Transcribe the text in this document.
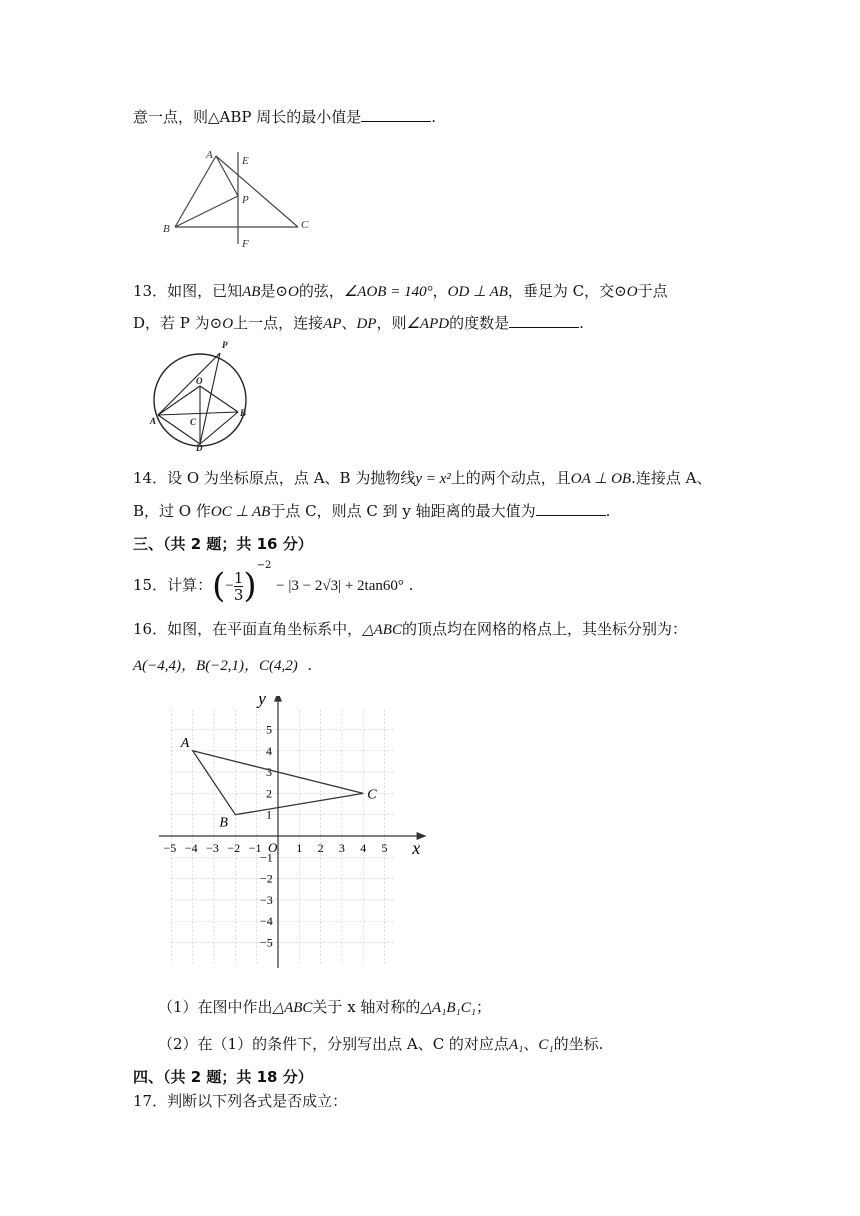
意一点，则△ABP 周长的最小值是	.
A	E
P
B	C
F
13．如图，已知AB是⊙O的弦，∠AOB = 140°，OD ⊥ AB，垂足为 C，交⊙O于点
D，若 P 为⊙O上一点，连接AP、DP，则∠APD的度数是	.
P
O
A	C
B
D
14．设 O 为坐标原点，点 A、B 为抛物线y = x²上的两个动点，且OA ⊥ OB.连接点 A、
B，过 O 作OC ⊥ AB于点 C，则点 C 到 y 轴距离的最大值为	.
三、（共 2 题；共 16 分）
15．计算：(− $\frac{1}{3} )^{-2} - |3 - 2√3| + 2\tan 60^\circ$ .
16．如图，在平面直角坐标系中，△ABC的顶点均在网格的格点上，其坐标分别为：
A(−4,4)，B(−2,1)，C(4,2) .
x
y
O
−5 −4 −3 −2 −1	1 2 3 4 5
5
4
3
2
1
−1
−2
−3
−4
−5
A
B
C
（1）在图中作出△ABC关于 x 轴对称的△A₁B₁C₁；
（2）在（1）的条件下，分别写出点 A、C 的对应点A₁、C₁的坐标.
四、（共 2 题；共 18 分）
17．判断以下列各式是否成立：
